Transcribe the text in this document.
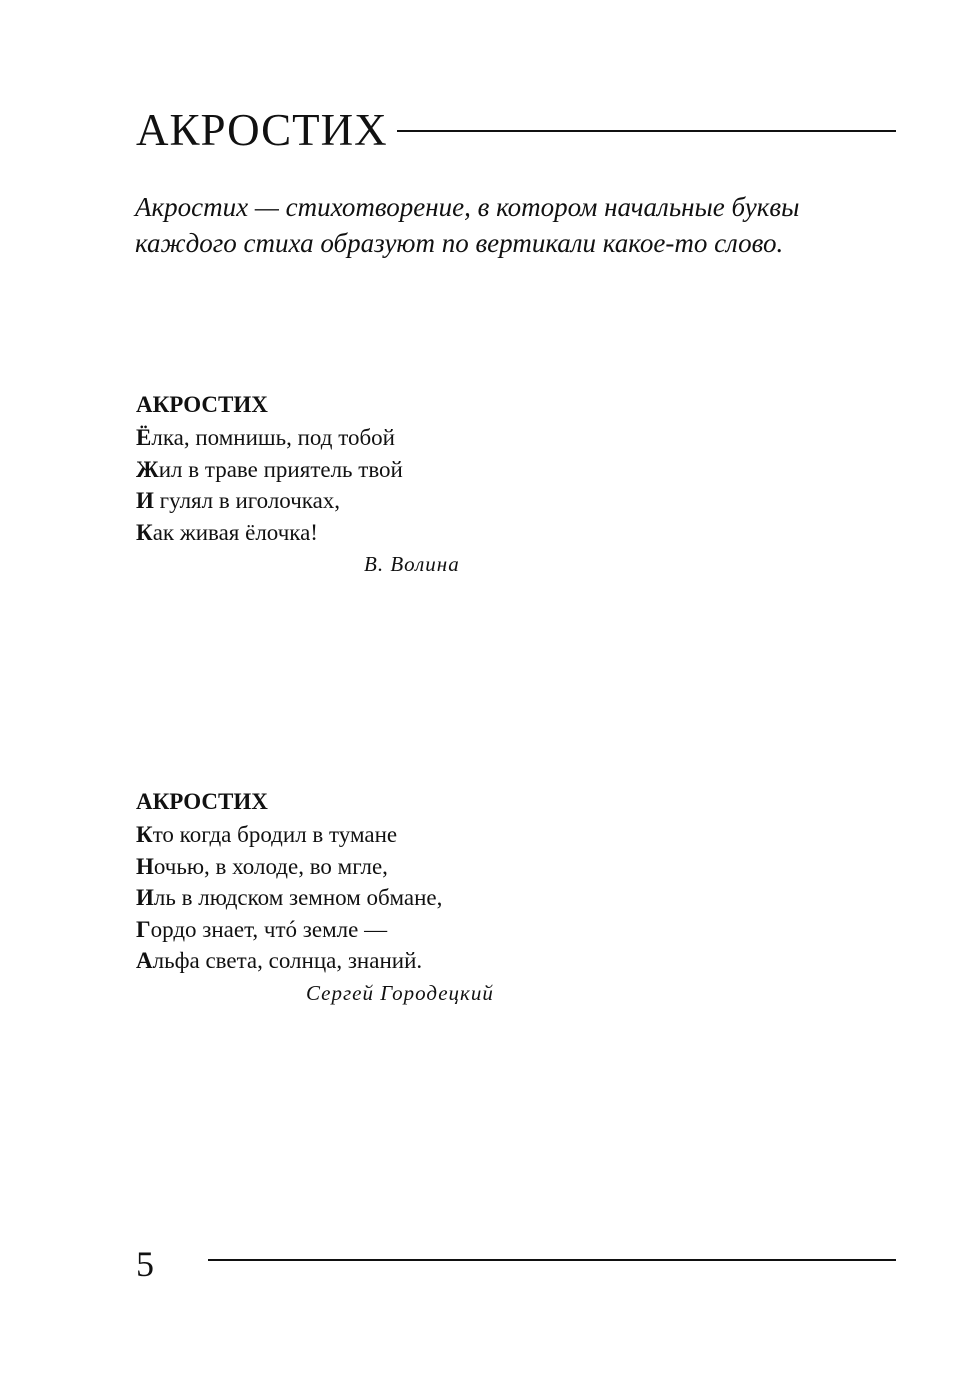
АКРОСТИХ

Акростих — стихотворение, в котором начальные буквы каждого стиха образуют по вертикали какое-то слово.

АКРОСТИХ
Ёлка, помнишь, под тобой
Жил в траве приятель твой
И гулял в иголочках,
Как живая ёлочка!
В. Волина
АКРОСТИХ
Кто когда бродил в тумане
Ночью, в холоде, во мгле,
Иль в людском земном обмане,
Гордо знает, чтó земле —
Альфа света, солнца, знаний.
Сергей Городецкий
5
